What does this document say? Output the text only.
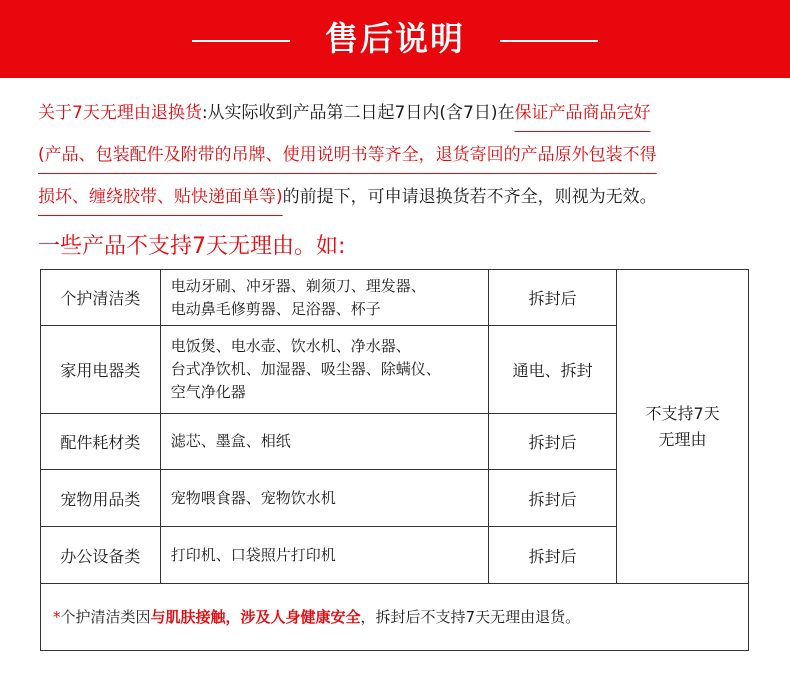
售后说明
关于7天无理由退换货:从实际收到产品第二日起7日内(含7日)在保证产品商品完好
(产品、包装配件及附带的吊牌、使用说明书等齐全，退货寄回的产品原外包装不得
损坏、缠绕胶带、贴快递面单等)的前提下，可申请退换货若不齐全，则视为无效。
一些产品不支持7天无理由。如:
个护清洁类	电动牙刷、冲牙器、剃须刀、理发器、
电动鼻毛修剪器、足浴器、杯子	拆封后	不支持7天无理由

家用电器类	电饭煲、电水壶、饮水机、净水器、
台式净饮机、加湿器、吸尘器、除螨仪、
空气净化器	通电、拆封	
配件耗材类	滤芯、墨盒、相纸	拆封后	
宠物用品类	宠物喂食器、宠物饮水机	拆封后	
办公设备类	打印机、口袋照片打印机	拆封后	
*个护清洁类因与肌肤接触，涉及人身健康安全，拆封后不支持7天无理由退货。
